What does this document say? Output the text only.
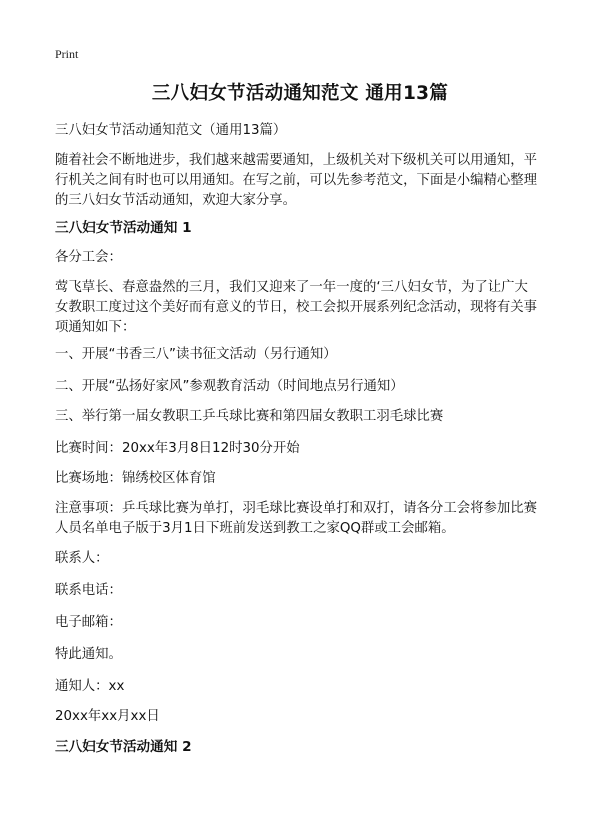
Print
三八妇女节活动通知范文 通用13篇

三八妇女节活动通知范文（通用13篇）

随着社会不断地进步，我们越来越需要通知，上级机关对下级机关可以用通知，平

行机关之间有时也可以用通知。在写之前，可以先参考范文，下面是小编精心整理

的三八妇女节活动通知，欢迎大家分享。

三八妇女节活动通知 1

各分工会：

莺飞草长、春意盎然的三月，我们又迎来了一年一度的‘三八妇女节，为了让广大

女教职工度过这个美好而有意义的节日，校工会拟开展系列纪念活动，现将有关事

项通知如下：

一、开展“书香三八”读书征文活动（另行通知）

二、开展“弘扬好家风”参观教育活动（时间地点另行通知）

三、举行第一届女教职工乒乓球比赛和第四届女教职工羽毛球比赛

比赛时间：20xx年3月8日12时30分开始

比赛场地：锦绣校区体育馆

注意事项：乒乓球比赛为单打，羽毛球比赛设单打和双打，请各分工会将参加比赛

人员名单电子版于3月1日下班前发送到教工之家QQ群或工会邮箱。

联系人：

联系电话：

电子邮箱：

特此通知。

通知人：xx

20xx年xx月xx日

三八妇女节活动通知 2
